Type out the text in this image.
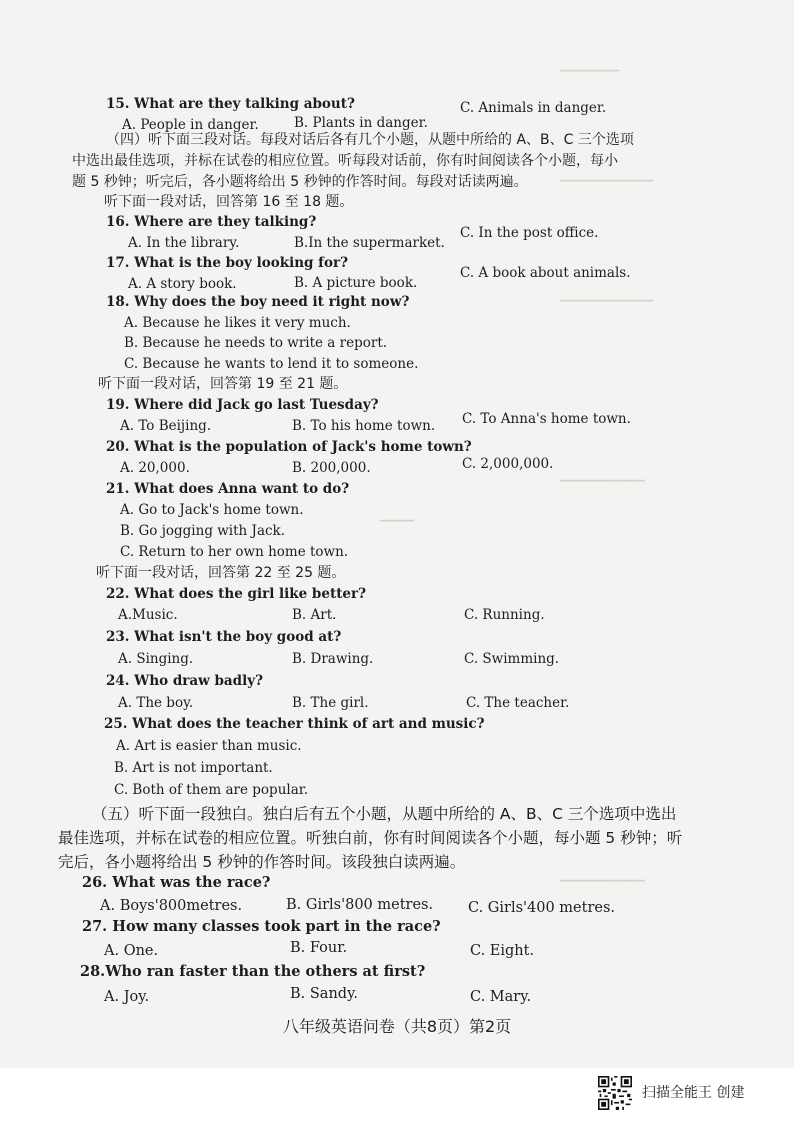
▔▔▔▔▔▔▔
▔▔▔▔▔▔▔▔▔▔▔
▔▔▔▔▔▔▔▔▔▔▔
▔▔▔▔▔▔▔▔▔▔
▔▔▔▔
▔▔▔▔▔▔▔▔▔▔
15. What are they talking about?
A. People in danger.	B. Plants in danger.
C. Animals in danger.
（四）听下面三段对话。每段对话后各有几个小题，从题中所给的 A、B、C 三个选项
中选出最佳选项，并标在试卷的相应位置。听每段对话前，你有时间阅读各个小题，每小
题 5 秒钟；听完后，各小题将给出 5 秒钟的作答时间。每段对话读两遍。
听下面一段对话，回答第 16 至 18 题。
16. Where are they talking?
A. In the library.	B.In the supermarket.
C. In the post office.
17. What is the boy looking for?
A. A story book.	B. A picture book.
C. A book about animals.
18. Why does the boy need it right now?
A. Because he likes it very much.
B. Because he needs to write a report.
C. Because he wants to lend it to someone.
听下面一段对话，回答第 19 至 21 题。
19. Where did Jack go last Tuesday?
A. To Beijing.	B. To his home town. C. To Anna's home town.
20. What is the population of Jack's home town?
A. 20,000.	B. 200,000.	C. 2,000,000.
21. What does Anna want to do?
A. Go to Jack's home town.
B. Go jogging with Jack.
C. Return to her own home town.
听下面一段对话，回答第 22 至 25 题。
22. What does the girl like better?
A.Music.	B. Art.	C. Running.
23. What isn't the boy good at?
A. Singing.	B. Drawing.	C. Swimming.
24. Who draw badly?
A. The boy.	B. The girl.	C. The teacher.
25. What does the teacher think of art and music?
A. Art is easier than music.
B. Art is not important.
C. Both of them are popular.
（五）听下面一段独白。独白后有五个小题，从题中所给的 A、B、C 三个选项中选出
最佳选项，并标在试卷的相应位置。听独白前，你有时间阅读各个小题，每小题 5 秒钟；听
完后，各小题将给出 5 秒钟的作答时间。该段独白读两遍。
26. What was the race?
A. Boys'800metres.	B. Girls'800 metres. C. Girls'400 metres.
27. How many classes took part in the race?
A. One.	B. Four.	C. Eight.
28.Who ran faster than the others at first?
A. Joy.	B. Sandy.	C. Mary.
八年级英语问卷（共8页）第2页
扫描全能王 创建
